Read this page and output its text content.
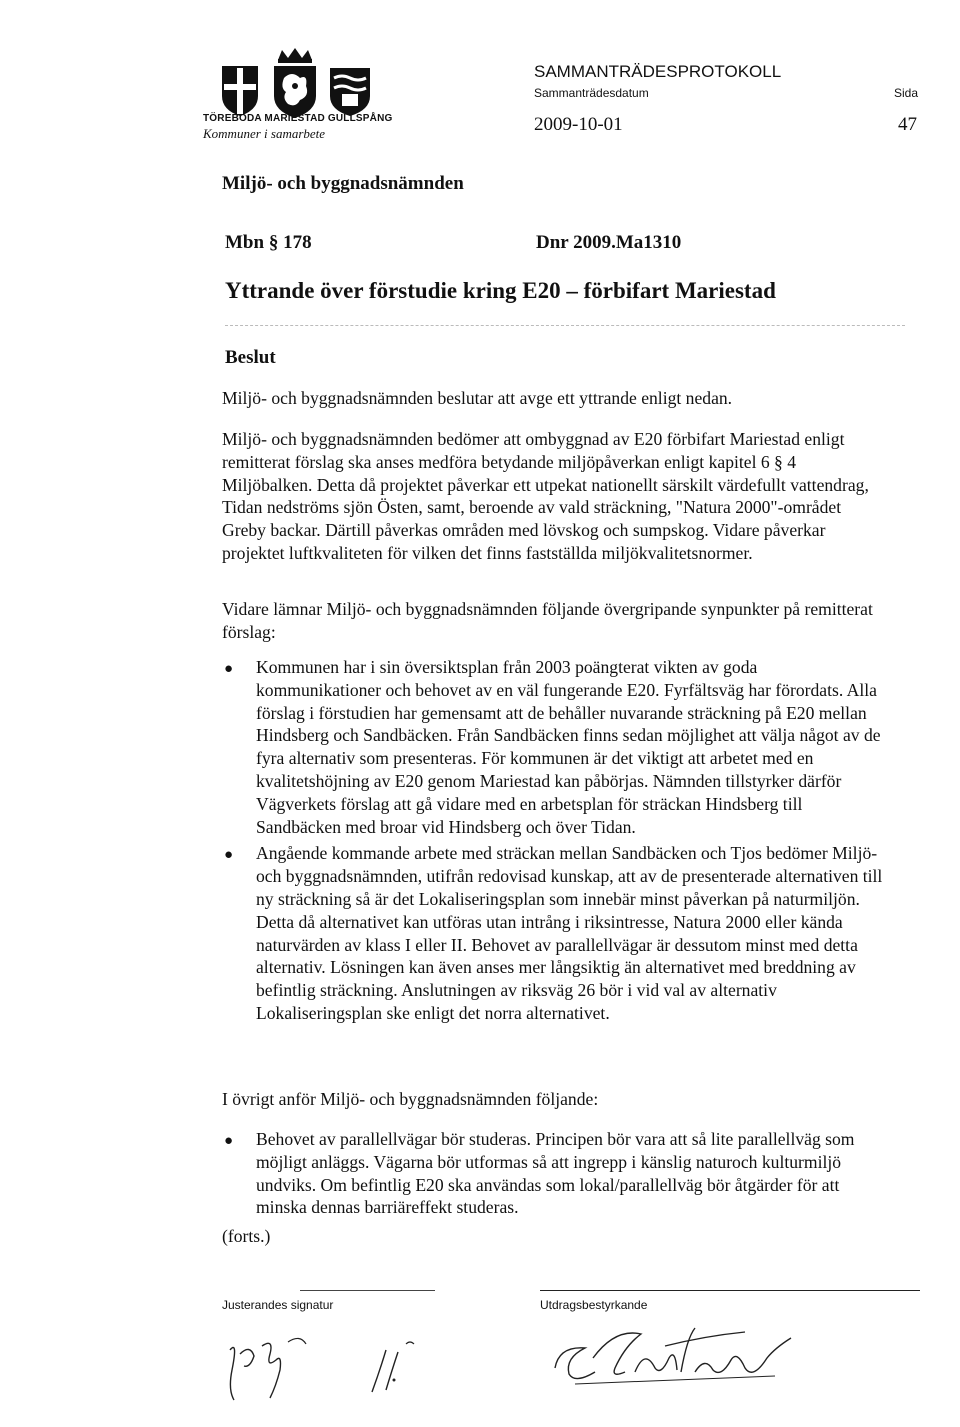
TÖREBODA MARIESTAD GULLSPÅNG
Kommuner i samarbete
SAMMANTRÄDESPROTOKOLL
Sammanträdesdatum
2009-10-01
Sida
47
Miljö- och byggnadsnämnden
Mbn § 178	Dnr 2009.Ma1310
Yttrande över förstudie kring E20 – förbifart Mariestad
Beslut
Miljö- och byggnadsnämnden beslutar att avge ett yttrande enligt nedan.
Miljö- och byggnadsnämnden bedömer att ombyggnad av E20 förbifart Mariestad enligt remitterat förslag ska anses medföra betydande miljöpåverkan enligt kapitel 6 § 4 Miljöbalken. Detta då projektet påverkar ett utpekat nationellt särskilt värdefullt vattendrag, Tidan nedströms sjön Östen, samt, beroende av vald sträckning, "Natura 2000"-området Greby backar. Därtill påverkas områden med lövskog och sumpskog. Vidare påverkar projektet luftkvaliteten för vilken det finns fastställda miljökvalitetsnormer.
Vidare lämnar Miljö- och byggnadsnämnden följande övergripande synpunkter på remitterat förslag:
● Kommunen har i sin översiktsplan från 2003 poängterat vikten av goda kommunikationer och behovet av en väl fungerande E20. Fyrfältsväg har förordats. Alla förslag i förstudien har gemensamt att de behåller nuvarande sträckning på E20 mellan Hindsberg och Sandbäcken. Från Sandbäcken finns sedan möjlighet att välja något av de fyra alternativ som presenteras. För kommunen är det viktigt att arbetet med en kvalitetshöjning av E20 genom Mariestad kan påbörjas. Nämnden tillstyrker därför Vägverkets förslag att gå vidare med en arbetsplan för sträckan Hindsberg till Sandbäcken med broar vid Hindsberg och över Tidan.
● Angående kommande arbete med sträckan mellan Sandbäcken och Tjos bedömer Miljö- och byggnadsnämnden, utifrån redovisad kunskap, att av de presenterade alternativen till ny sträckning så är det Lokaliseringsplan som innebär minst påverkan på naturmiljön. Detta då alternativet kan utföras utan intrång i riksintresse, Natura 2000 eller kända naturvärden av klass I eller II. Behovet av parallellvägar är dessutom minst med detta alternativ. Lösningen kan även anses mer långsiktig än alternativet med breddning av befintlig sträckning. Anslutningen av riksväg 26 bör i vid val av alternativ Lokaliseringsplan ske enligt det norra alternativet.
I övrigt anför Miljö- och byggnadsnämnden följande:
● Behovet av parallellvägar bör studeras. Principen bör vara att så lite parallellväg som möjligt anläggs. Vägarna bör utformas så att ingrepp i känslig naturoch kulturmiljö undviks. Om befintlig E20 ska användas som lokal/parallellväg bör åtgärder för att minska dennas barriäreffekt studeras.
(forts.)
Justerandes signatur	Utdragsbestyrkande
